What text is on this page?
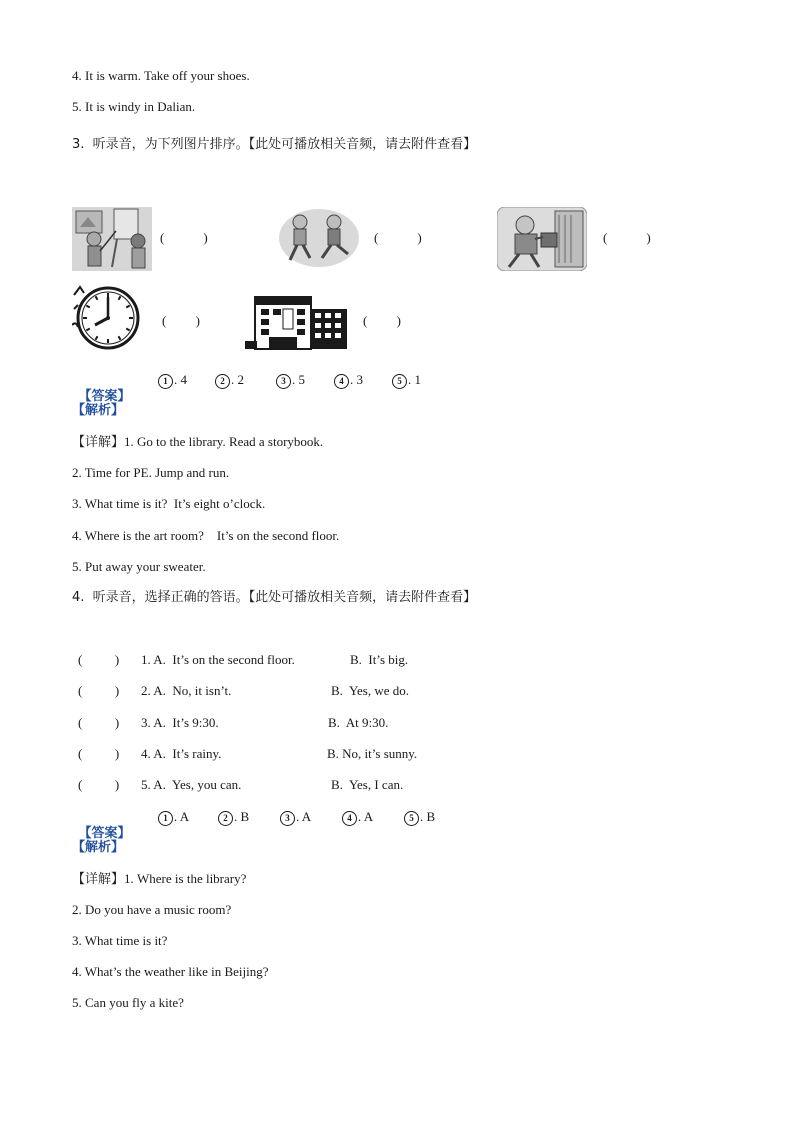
4. It is warm. Take off your shoes.
5. It is windy in Dalian.
3.  听录音，为下列图片排序。【此处可播放相关音频，请去附件查看】
(            )	(            )	(            )
(         )	(         )

【答案】

1 . 4	2 . 2	3 . 5	4 . 3	5 . 1
【解析】
【详解】1. Go to the library. Read a storybook.
2. Time for PE. Jump and run.
3. What time is it?  It’s eight o’clock.
4. Where is the art room?    It’s on the second floor.
5. Put away your sweater.
4.  听录音，选择正确的答语。【此处可播放相关音频，请去附件查看】
(          ) 1. A.  It’s on the second floor.	B.  It’s big.
(          ) 2. A.  No, it isn’t.	B.  Yes, we do.
(          ) 3. A.  It’s 9:30.	B.  At 9:30.
(          ) 4. A.  It’s rainy.	B. No, it’s sunny.
(          ) 5. A.  Yes, you can.	B.  Yes, I can.

【答案】

1 . A	2 . B	3 . A	4 . A	5 . B
【解析】
【详解】1. Where is the library?
2. Do you have a music room?
3. What time is it?
4. What’s the weather like in Beijing?
5. Can you fly a kite?
